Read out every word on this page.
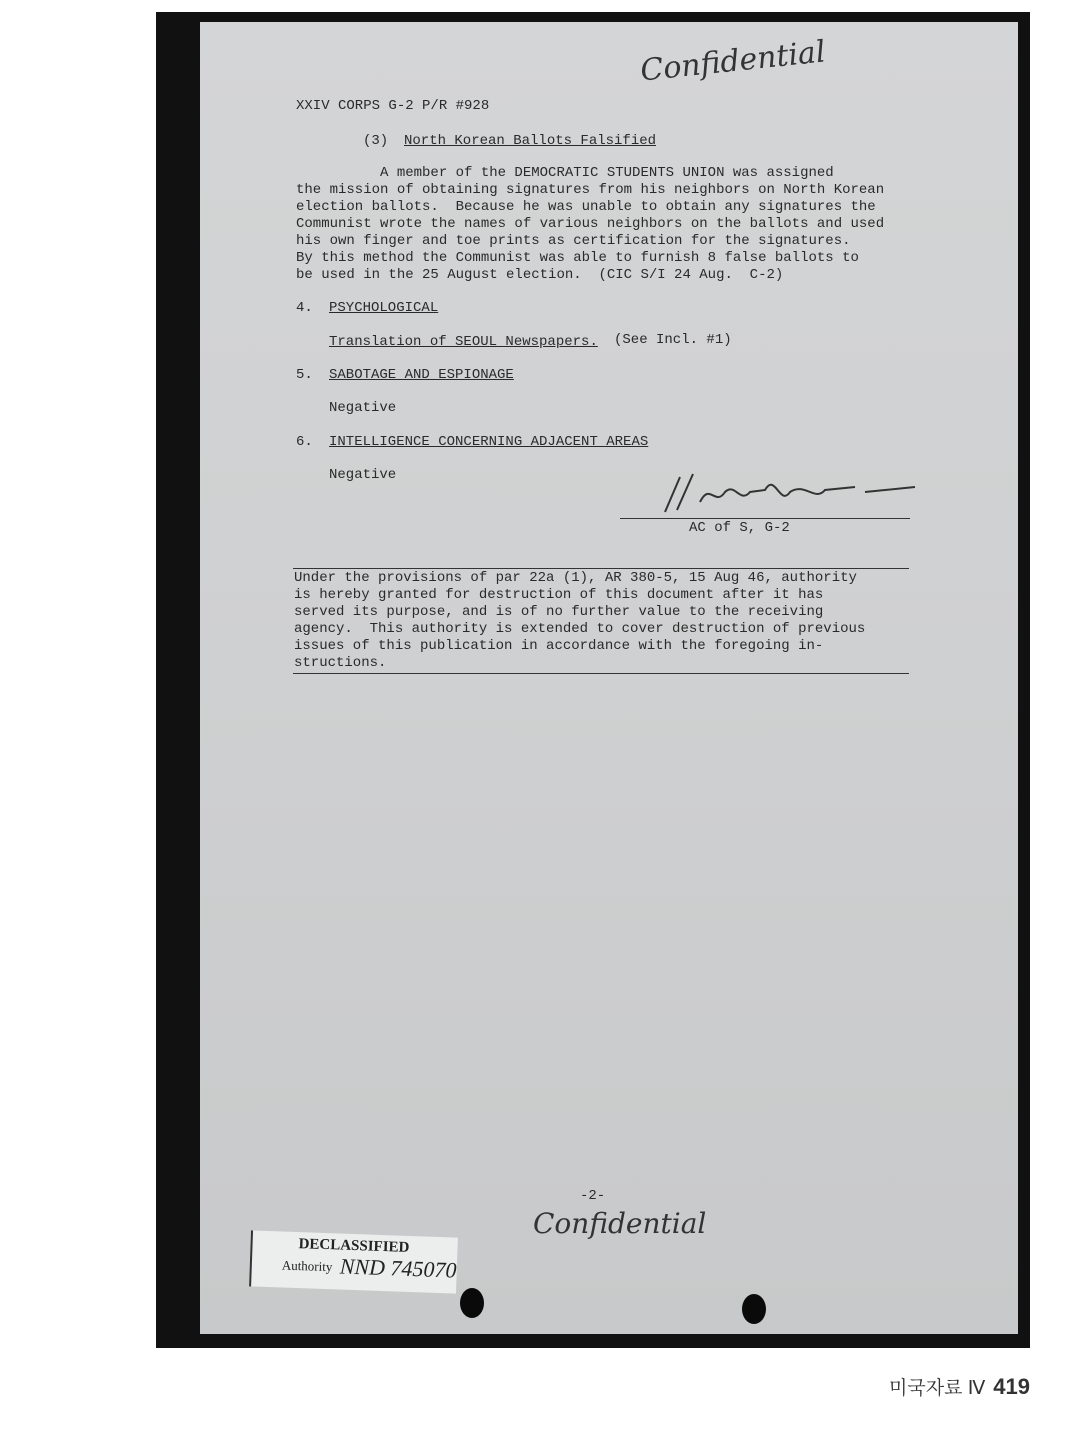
Confidential
XXIV CORPS G-2 P/R #928
(3) North Korean Ballots Falsified
A member of the DEMOCRATIC STUDENTS UNION was assigned
the mission of obtaining signatures from his neighbors on North Korean
election ballots.  Because he was unable to obtain any signatures the
Communist wrote the names of various neighbors on the ballots and used
his own finger and toe prints as certification for the signatures.
By this method the Communist was able to furnish 8 false ballots to
be used in the 25 August election.  (CIC S/I 24 Aug.  C-2)
4. PSYCHOLOGICAL
Translation of SEOUL Newspapers. (See Incl. #1)
5. SABOTAGE AND ESPIONAGE
Negative
6. INTELLIGENCE CONCERNING ADJACENT AREAS
Negative
AC of S, G-2
Under the provisions of par 22a (1), AR 380-5, 15 Aug 46, authority
is hereby granted for destruction of this document after it has
served its purpose, and is of no further value to the receiving
agency.  This authority is extended to cover destruction of previous
issues of this publication in accordance with the foregoing in-
structions.
-2-
Confidential
DECLASSIFIED
Authority NND 745070
미국자료 Ⅳ 419
